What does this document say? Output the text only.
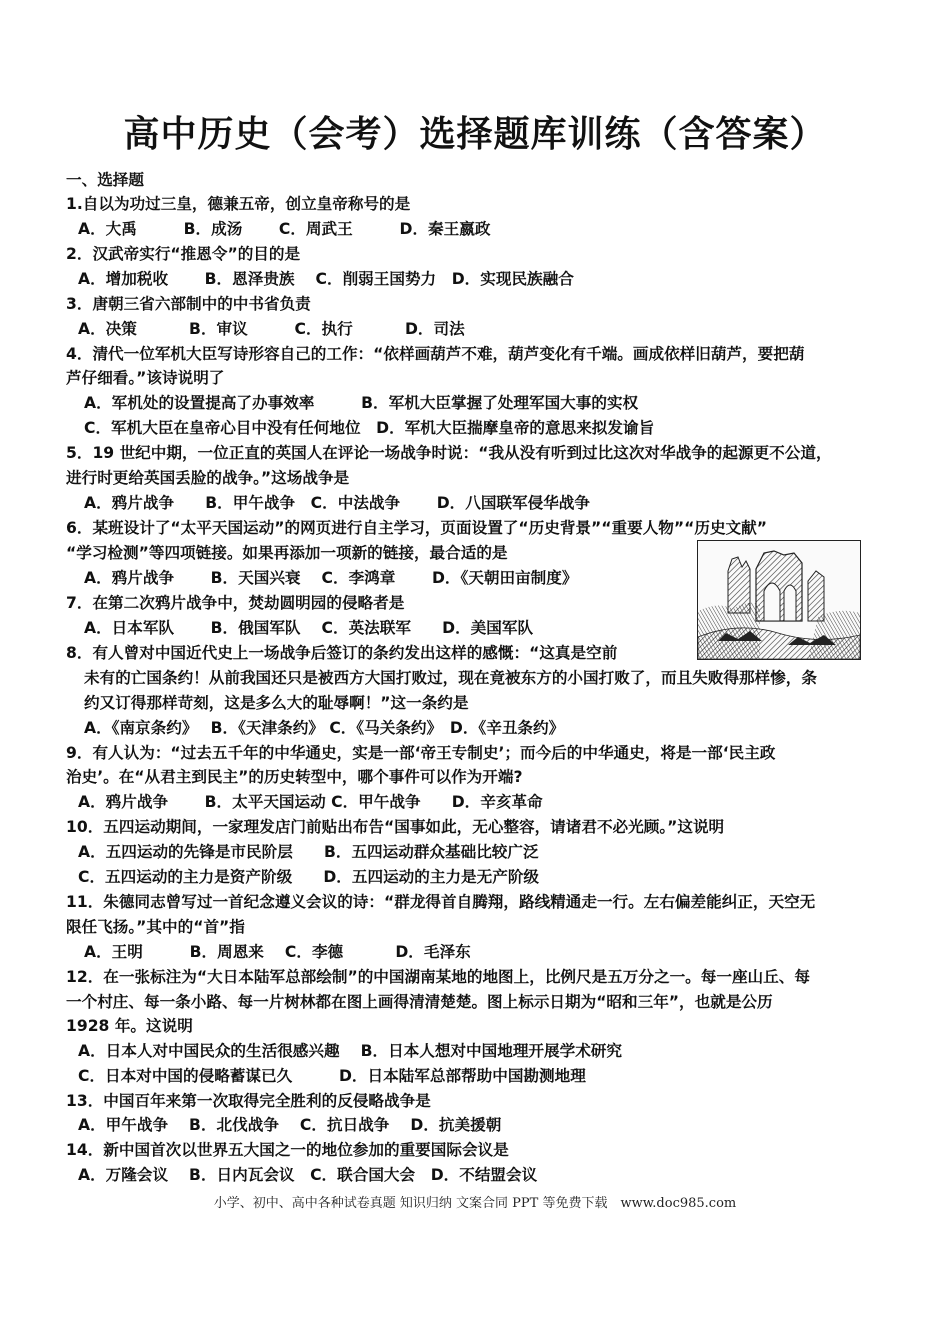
高中历史（会考）选择题库训练（含答案）
一、选择题
1.自以为功过三皇，德兼五帝，创立皇帝称号的是
A．大禹　　　B．成汤　　 C．周武王　　　D．秦王嬴政
2．汉武帝实行“推恩令”的目的是
A．增加税收　　 B．恩泽贵族　 C．削弱王国势力　D．实现民族融合
3．唐朝三省六部制中的中书省负责
A．决策　　　 B．审议　　　C．执行　　　 D．司法
4．清代一位军机大臣写诗形容自己的工作：“依样画葫芦不难，葫芦变化有千端。画成依样旧葫芦，要把葫
芦仔细看。”该诗说明了
A．军机处的设置提高了办事效率　　　B．军机大臣掌握了处理军国大事的实权
C．军机大臣在皇帝心目中没有任何地位　D．军机大臣揣摩皇帝的意思来拟发谕旨
5．19 世纪中期，一位正直的英国人在评论一场战争时说：“我从没有听到过比这次对华战争的起源更不公道，
进行时更给英国丢脸的战争。”这场战争是
A．鸦片战争　　B．甲午战争　C．中法战争　　 D．八国联军侵华战争
6．某班设计了“太平天国运动”的网页进行自主学习，页面设置了“历史背景”“重要人物”“历史文献”
“学习检测”等四项链接。如果再添加一项新的链接，最合适的是
A．鸦片战争　　 B．天国兴衰　 C．李鸿章　　 D．《天朝田亩制度》
7．在第二次鸦片战争中，焚劫圆明园的侵略者是
A．日本军队　　 B．俄国军队　 C．英法联军　　D．美国军队
8．有人曾对中国近代史上一场战争后签订的条约发出这样的感慨：“这真是空前
未有的亡国条约！从前我国还只是被西方大国打败过，现在竟被东方的小国打败了，而且失败得那样惨，条
约又订得那样苛刻，这是多么大的耻辱啊！”这一条约是
A．《南京条约》　 B．《天津条约》 C．《马关条约》　D．《辛丑条约》
9．有人认为：“过去五千年的中华通史，实是一部‘帝王专制史’；而今后的中华通史，将是一部‘民主政
治史’。在“从君主到民主”的历史转型中，哪个事件可以作为开端?
A．鸦片战争　　 B．太平天国运动 C．甲午战争　　D．辛亥革命
10．五四运动期间，一家理发店门前贴出布告“国事如此，无心整容，请诸君不必光顾。”这说明
A．五四运动的先锋是市民阶层　　B．五四运动群众基础比较广泛
C．五四运动的主力是资产阶级　　D．五四运动的主力是无产阶级
11．朱德同志曾写过一首纪念遵义会议的诗：“群龙得首自腾翔，路线精通走一行。左右偏差能纠正，天空无
限任飞扬。”其中的“首”指
A．王明　　　B．周恩来　 C．李德　　　 D．毛泽东
12．在一张标注为“大日本陆军总部绘制”的中国湖南某地的地图上，比例尺是五万分之一。每一座山丘、每
一个村庄、每一条小路、每一片树林都在图上画得清清楚楚。图上标示日期为“昭和三年”，也就是公历
1928 年。这说明
A．日本人对中国民众的生活很感兴趣　 B．日本人想对中国地理开展学术研究
C．日本对中国的侵略蓄谋已久　　　D．日本陆军总部帮助中国勘测地理
13．中国百年来第一次取得完全胜利的反侵略战争是
A．甲午战争　 B．北伐战争　 C．抗日战争　 D．抗美援朝
14．新中国首次以世界五大国之一的地位参加的重要国际会议是
A．万隆会议　 B．日内瓦会议　C．联合国大会　D．不结盟会议
小学、初中、高中各种试卷真题 知识归纳 文案合同 PPT 等免费下载　www.doc985.com
